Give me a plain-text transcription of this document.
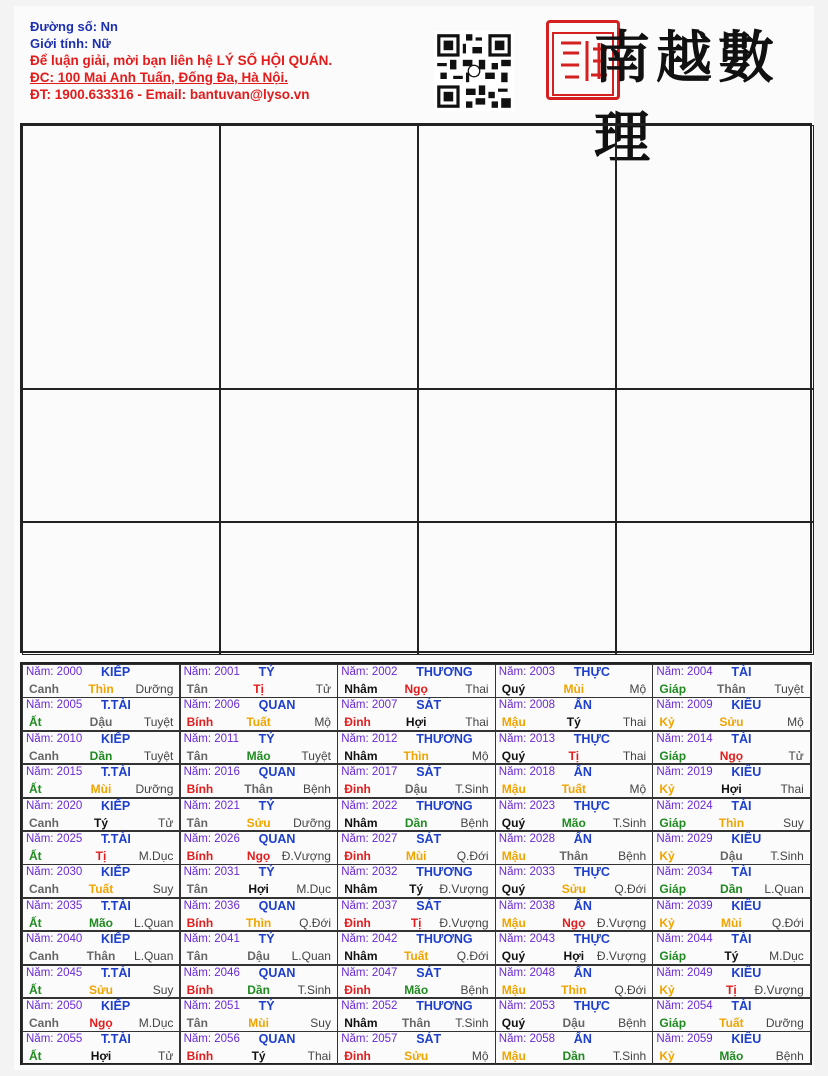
Đường số: Nn
Giới tính: Nữ
Để luận giải, mời bạn liên hệ LÝ SỐ HỘI QUÁN.
ĐC: 100 Mai Anh Tuấn, Đống Đa, Hà Nội.
ĐT: 1900.633316 - Email: bantuvan@lyso.vn
南越數理
Năm: 2000 KIẾP
Canh	Thìn	Dưỡng
Năm: 2001 TỶ
Tân	Tị	Tử
Năm: 2002 THƯƠNG
Nhâm	Ngọ	Thai
Năm: 2003 THỰC
Quý	Mùi	Mộ
Năm: 2004 TÀI
Giáp	Thân	Tuyệt
Năm: 2005 T.TÀI
Ất	Dậu	Tuyệt
Năm: 2006 QUAN
Bính	Tuất	Mộ
Năm: 2007 SÁT
Đinh	Hợi	Thai
Năm: 2008 ẤN
Mậu	Tý	Thai
Năm: 2009 KIÊU
Kỷ	Sửu	Mộ
Năm: 2010 KIẾP
Canh	Dần	Tuyệt
Năm: 2011 TỶ
Tân	Mão	Tuyệt
Năm: 2012 THƯƠNG
Nhâm	Thìn	Mộ
Năm: 2013 THỰC
Quý	Tị	Thai
Năm: 2014 TÀI
Giáp	Ngọ	Tử
Năm: 2015 T.TÀI
Ất	Mùi	Dưỡng
Năm: 2016 QUAN
Bính	Thân	Bệnh
Năm: 2017 SÁT
Đinh	Dậu	T.Sinh
Năm: 2018 ẤN
Mậu	Tuất	Mộ
Năm: 2019 KIÊU
Kỷ	Hợi	Thai
Năm: 2020 KIẾP
Canh	Tý	Tử
Năm: 2021 TỶ
Tân	Sửu	Dưỡng
Năm: 2022 THƯƠNG
Nhâm	Dần	Bệnh
Năm: 2023 THỰC
Quý	Mão	T.Sinh
Năm: 2024 TÀI
Giáp	Thìn	Suy
Năm: 2025 T.TÀI
Ất	Tị	M.Dục
Năm: 2026 QUAN
Bính	Ngọ Đ.Vượng
Năm: 2027 SÁT
Đinh	Mùi	Q.Đới
Năm: 2028 ẤN
Mậu	Thân	Bệnh
Năm: 2029 KIÊU
Kỷ	Dậu	T.Sinh
Năm: 2030 KIẾP
Canh	Tuất	Suy
Năm: 2031 TỶ
Tân	Hợi	M.Dục
Năm: 2032 THƯƠNG
Nhâm	Tý	Đ.Vượng
Năm: 2033 THỰC
Quý	Sửu	Q.Đới
Năm: 2034 TÀI
Giáp	Dần	L.Quan
Năm: 2035 T.TÀI
Ất	Mão	L.Quan
Năm: 2036 QUAN
Bính	Thìn	Q.Đới
Năm: 2037 SÁT
Đinh	Tị	Đ.Vượng
Năm: 2038 ẤN
Mậu	Ngọ Đ.Vượng
Năm: 2039 KIÊU
Kỷ	Mùi	Q.Đới
Năm: 2040 KIẾP
Canh	Thân	L.Quan
Năm: 2041 TỶ
Tân	Dậu	L.Quan
Năm: 2042 THƯƠNG
Nhâm	Tuất	Q.Đới
Năm: 2043 THỰC
Quý	Hợi	Đ.Vượng
Năm: 2044 TÀI
Giáp	Tý	M.Dục
Năm: 2045 T.TÀI
Ất	Sửu	Suy
Năm: 2046 QUAN
Bính	Dần	T.Sinh
Năm: 2047 SÁT
Đinh	Mão	Bệnh
Năm: 2048 ẤN
Mậu	Thìn	Q.Đới
Năm: 2049 KIÊU
Kỷ	Tị	Đ.Vượng
Năm: 2050 KIẾP
Canh	Ngọ	M.Dục
Năm: 2051 TỶ
Tân	Mùi	Suy
Năm: 2052 THƯƠNG
Nhâm	Thân	T.Sinh
Năm: 2053 THỰC
Quý	Dậu	Bệnh
Năm: 2054 TÀI
Giáp	Tuất	Dưỡng
Năm: 2055 T.TÀI
Ất	Hợi	Tử
Năm: 2056 QUAN
Bính	Tý	Thai
Năm: 2057 SÁT
Đinh	Sửu	Mộ
Năm: 2058 ẤN
Mậu	Dần	T.Sinh
Năm: 2059 KIÊU
Kỷ	Mão	Bệnh
